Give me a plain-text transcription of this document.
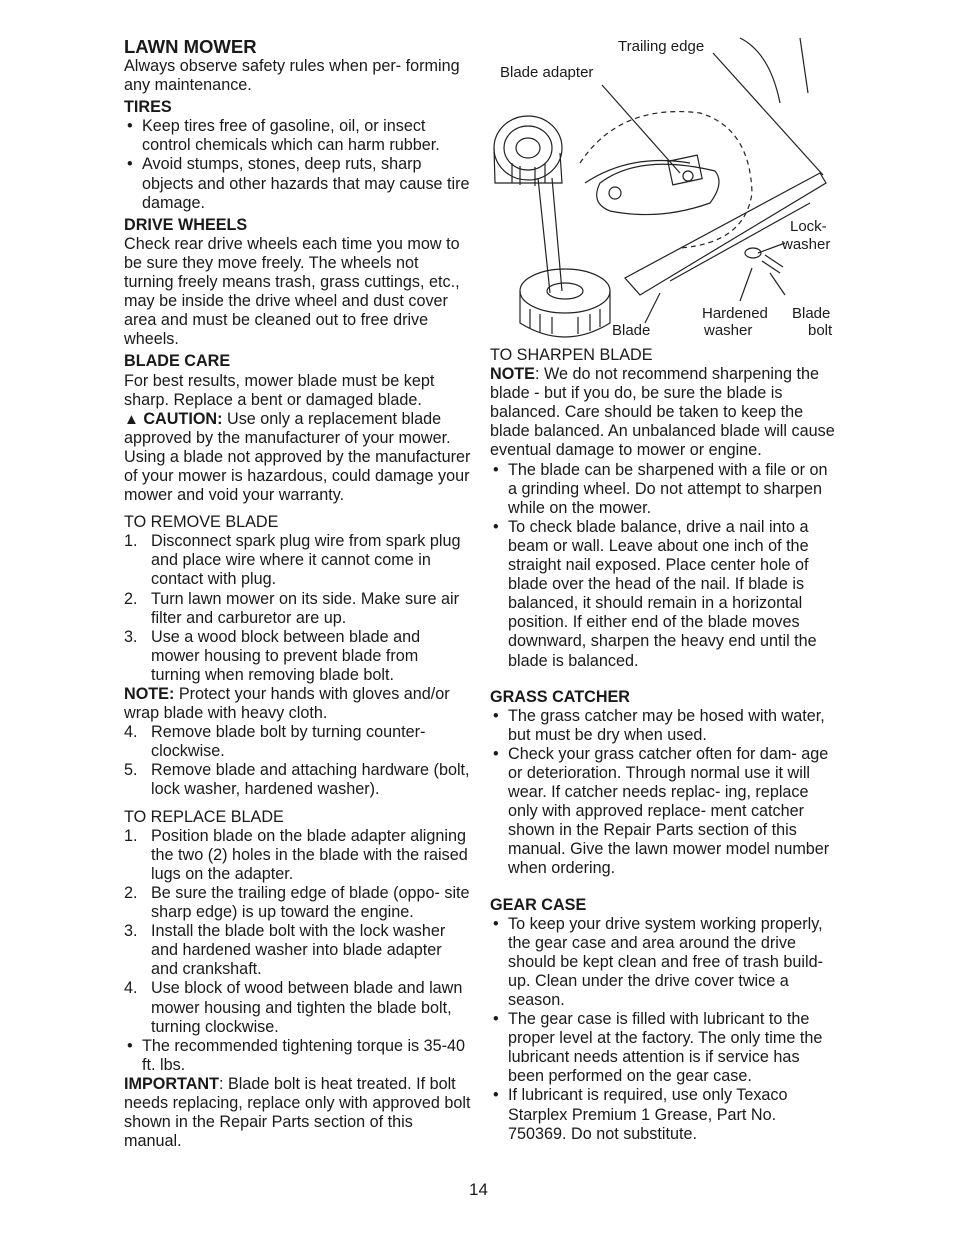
LAWN MOWER

Always observe safety rules when per- forming any maintenance.

TIRES
• Keep tires free of gasoline, oil, or insect control chemicals which can harm rubber.
• Avoid stumps, stones, deep ruts, sharp objects and other hazards that may cause tire damage.
DRIVE WHEELS

Check rear drive wheels each time you mow to be sure they move freely. The wheels not turning freely means trash, grass cuttings, etc., may be inside the drive wheel and dust cover area and must be cleaned out to free drive wheels.

BLADE CARE

For best results, mower blade must be kept sharp. Replace a bent or damaged blade.
▲ CAUTION: Use only a replacement blade approved by the manufacturer of your mower. Using a blade not approved by the manufacturer of your mower is hazardous, could damage your mower and void your warranty.

TO REMOVE BLADE

1. Disconnect spark plug wire from spark plug and place wire where it cannot come in contact with plug.
2. Turn lawn mower on its side. Make sure air filter and carburetor are up.
3. Use a wood block between blade and mower housing to prevent blade from turning when removing blade bolt.

NOTE: Protect your hands with gloves and/or wrap blade with heavy cloth.

4. Remove blade bolt by turning counter- clockwise.
5. Remove blade and attaching hardware (bolt, lock washer, hardened washer).

TO REPLACE BLADE

1. Position blade on the blade adapter aligning the two (2) holes in the blade with the raised lugs on the adapter.
2. Be sure the trailing edge of blade (oppo- site sharp edge) is up toward the engine.
3. Install the blade bolt with the lock washer and hardened washer into blade adapter and crankshaft.
4. Use block of wood between blade and lawn mower housing and tighten the blade bolt, turning clockwise.
• The recommended tightening torque is 35-40 ft. lbs.

IMPORTANT: Blade bolt is heat treated. If bolt needs replacing, replace only with approved bolt shown in the Repair Parts section of this manual.

Trailing edge
Blade adapter
Lock-
washer
Hardened
washer
Blade
bolt
Blade

TO SHARPEN BLADE

NOTE: We do not recommend sharpening the blade - but if you do, be sure the blade is balanced. Care should be taken to keep the blade balanced. An unbalanced blade will cause eventual damage to mower or engine.

• The blade can be sharpened with a file or on a grinding wheel. Do not attempt to sharpen while on the mower.
• To check blade balance, drive a nail into a beam or wall. Leave about one inch of the straight nail exposed. Place center hole of blade over the head of the nail. If blade is balanced, it should remain in a horizontal position. If either end of the blade moves downward, sharpen the heavy end until the blade is balanced.
GRASS CATCHER
• The grass catcher may be hosed with water, but must be dry when used.
• Check your grass catcher often for dam- age or deterioration. Through normal use it will wear. If catcher needs replac- ing, replace only with approved replace- ment catcher shown in the Repair Parts section of this manual. Give the lawn mower model number when ordering.
GEAR CASE
• To keep your drive system working properly, the gear case and area around the drive should be kept clean and free of trash build-up. Clean under the drive cover twice a season.
• The gear case is filled with lubricant to the proper level at the factory. The only time the lubricant needs attention is if service has been performed on the gear case.
• If lubricant is required, use only Texaco Starplex Premium 1 Grease, Part No. 750369. Do not substitute.
14
